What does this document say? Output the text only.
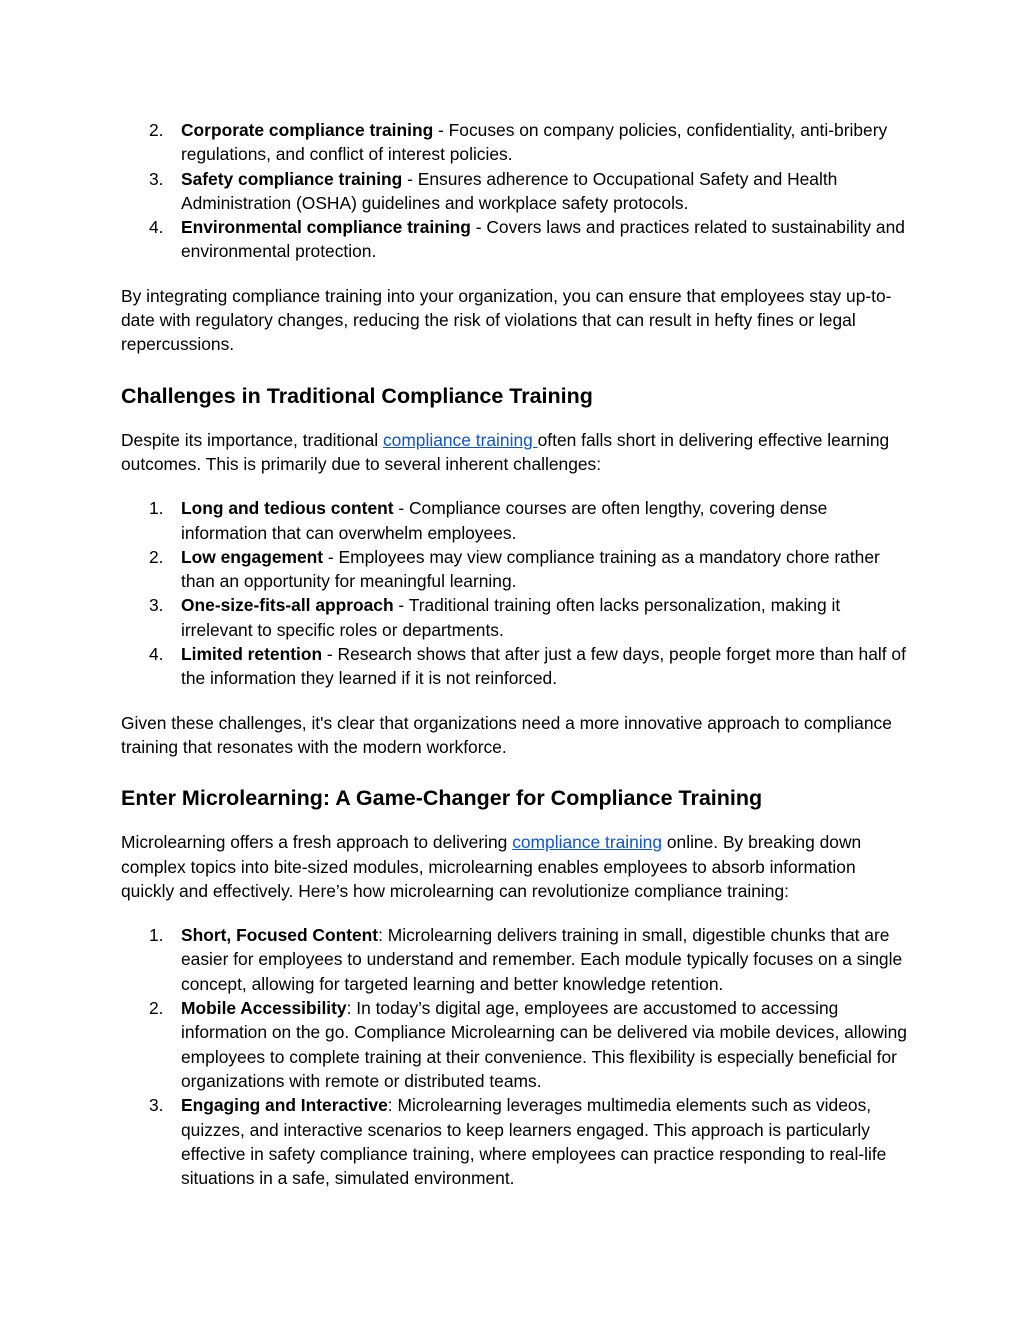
2. Corporate compliance training - Focuses on company policies, confidentiality, anti-bribery regulations, and conflict of interest policies.
3. Safety compliance training - Ensures adherence to Occupational Safety and Health Administration (OSHA) guidelines and workplace safety protocols.
4. Environmental compliance training - Covers laws and practices related to sustainability and environmental protection.

By integrating compliance training into your organization, you can ensure that employees stay up-to-date with regulatory changes, reducing the risk of violations that can result in hefty fines or legal repercussions.

Challenges in Traditional Compliance Training

Despite its importance, traditional compliance training often falls short in delivering effective learning outcomes. This is primarily due to several inherent challenges:

1. Long and tedious content - Compliance courses are often lengthy, covering dense information that can overwhelm employees.
2. Low engagement - Employees may view compliance training as a mandatory chore rather than an opportunity for meaningful learning.
3. One-size-fits-all approach - Traditional training often lacks personalization, making it irrelevant to specific roles or departments.
4. Limited retention - Research shows that after just a few days, people forget more than half of the information they learned if it is not reinforced.

Given these challenges, it's clear that organizations need a more innovative approach to compliance training that resonates with the modern workforce.

Enter Microlearning: A Game-Changer for Compliance Training

Microlearning offers a fresh approach to delivering compliance training online. By breaking down complex topics into bite-sized modules, microlearning enables employees to absorb information quickly and effectively. Here’s how microlearning can revolutionize compliance training:

1. Short, Focused Content: Microlearning delivers training in small, digestible chunks that are easier for employees to understand and remember. Each module typically focuses on a single concept, allowing for targeted learning and better knowledge retention.
2. Mobile Accessibility: In today’s digital age, employees are accustomed to accessing information on the go. Compliance Microlearning can be delivered via mobile devices, allowing employees to complete training at their convenience. This flexibility is especially beneficial for organizations with remote or distributed teams.
3. Engaging and Interactive: Microlearning leverages multimedia elements such as videos, quizzes, and interactive scenarios to keep learners engaged. This approach is particularly effective in safety compliance training, where employees can practice responding to real-life situations in a safe, simulated environment.
